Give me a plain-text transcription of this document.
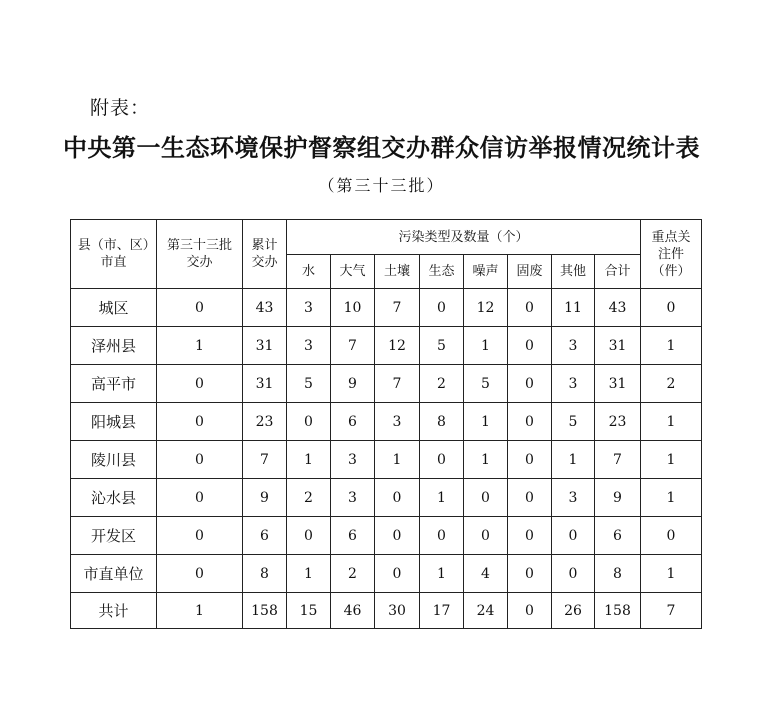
附表：
中央第一生态环境保护督察组交办群众信访举报情况统计表
（第三十三批）
县（市、区）市直	第三十三批交办	累计交办	污染类型及数量（个）								重点关注件（件）
			水	大气	土壤	生态	噪声	固废	其他	合计	
城区	0	43	3	10	7	0	12	0	11	43	0
泽州县	1	31	3	7	12	5	1	0	3	31	1
高平市	0	31	5	9	7	2	5	0	3	31	2
阳城县	0	23	0	6	3	8	1	0	5	23	1
陵川县	0	7	1	3	1	0	1	0	1	7	1
沁水县	0	9	2	3	0	1	0	0	3	9	1
开发区	0	6	0	6	0	0	0	0	0	6	0
市直单位	0	8	1	2	0	1	4	0	0	8	1
共计	1	158	15	46	30	17	24	0	26	158	7
